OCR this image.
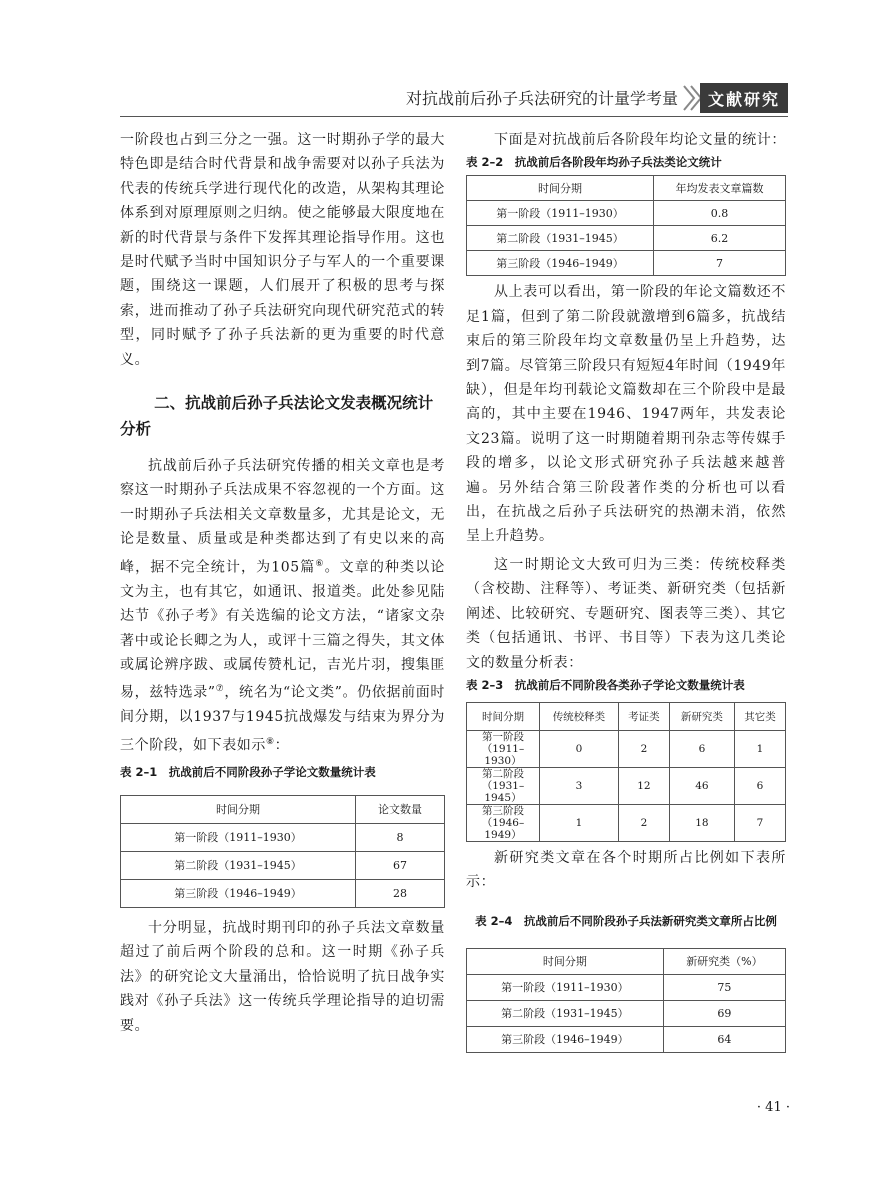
对抗战前后孙子兵法研究的计量学考量	文献研究

一阶段也占到三分之一强。这一时期孙子学的最大特色即是结合时代背景和战争需要对以孙子兵法为代表的传统兵学进行现代化的改造，从架构其理论体系到对原理原则之归纳。使之能够最大限度地在新的时代背景与条件下发挥其理论指导作用。这也是时代赋予当时中国知识分子与军人的一个重要课题，围绕这一课题，人们展开了积极的思考与探索，进而推动了孙子兵法研究向现代研究范式的转型，同时赋予了孙子兵法新的更为重要的时代意义。

二、抗战前后孙子兵法论文发表概况统计分析

抗战前后孙子兵法研究传播的相关文章也是考察这一时期孙子兵法成果不容忽视的一个方面。这一时期孙子兵法相关文章数量多，尤其是论文，无论是数量、质量或是种类都达到了有史以来的高峰，据不完全统计，为105篇⑥。文章的种类以论文为主，也有其它，如通讯、报道类。此处参见陆达节《孙子考》有关选编的论文方法，“诸家文杂著中或论长卿之为人，或评十三篇之得失，其文体或属论辨序跋、或属传赞札记，吉光片羽，搜集匪易，兹特选录”⑦，统名为“论文类”。仍依据前面时间分期，以1937与1945抗战爆发与结束为界分为三个阶段，如下表如示⑧：

表 2–1　抗战前后不同阶段孙子学论文数量统计表
时间分期	论文数量
第一阶段（1911–1930）	8
第二阶段（1931–1945）	67
第三阶段（1946–1949）	28

十分明显，抗战时期刊印的孙子兵法文章数量超过了前后两个阶段的总和。这一时期《孙子兵法》的研究论文大量涌出，恰恰说明了抗日战争实践对《孙子兵法》这一传统兵学理论指导的迫切需要。

下面是对抗战前后各阶段年均论文量的统计：

表 2–2　抗战前后各阶段年均孙子兵法类论文统计
时间分期	年均发表文章篇数
第一阶段（1911–1930）	0.8
第二阶段（1931–1945）	6.2
第三阶段（1946–1949）	7

从上表可以看出，第一阶段的年论文篇数还不足1篇，但到了第二阶段就激增到6篇多，抗战结束后的第三阶段年均文章数量仍呈上升趋势，达到7篇。尽管第三阶段只有短短4年时间（1949年缺），但是年均刊载论文篇数却在三个阶段中是最高的，其中主要在1946、1947两年，共发表论文23篇。说明了这一时期随着期刊杂志等传媒手段的增多，以论文形式研究孙子兵法越来越普遍。另外结合第三阶段著作类的分析也可以看出，在抗战之后孙子兵法研究的热潮未消，依然呈上升趋势。

这一时期论文大致可归为三类：传统校释类（含校勘、注释等）、考证类、新研究类（包括新阐述、比较研究、专题研究、图表等三类）、其它类（包括通讯、书评、书目等）下表为这几类论文的数量分析表：

表 2–3　抗战前后不同阶段各类孙子学论文数量统计表
时间分期	传统校释类	考证类	新研究类	其它类
第一阶段
（1911–1930）	0	2	6	1
第二阶段
（1931–1945）	3	12	46	6
第三阶段
（1946–1949）	1	2	18	7

新研究类文章在各个时期所占比例如下表所示：

表 2–4　抗战前后不同阶段孙子兵法新研究类文章所占比例
时间分期	新研究类（%）
第一阶段（1911–1930）	75
第二阶段（1931–1945）	69
第三阶段（1946–1949）	64
· 41 ·
